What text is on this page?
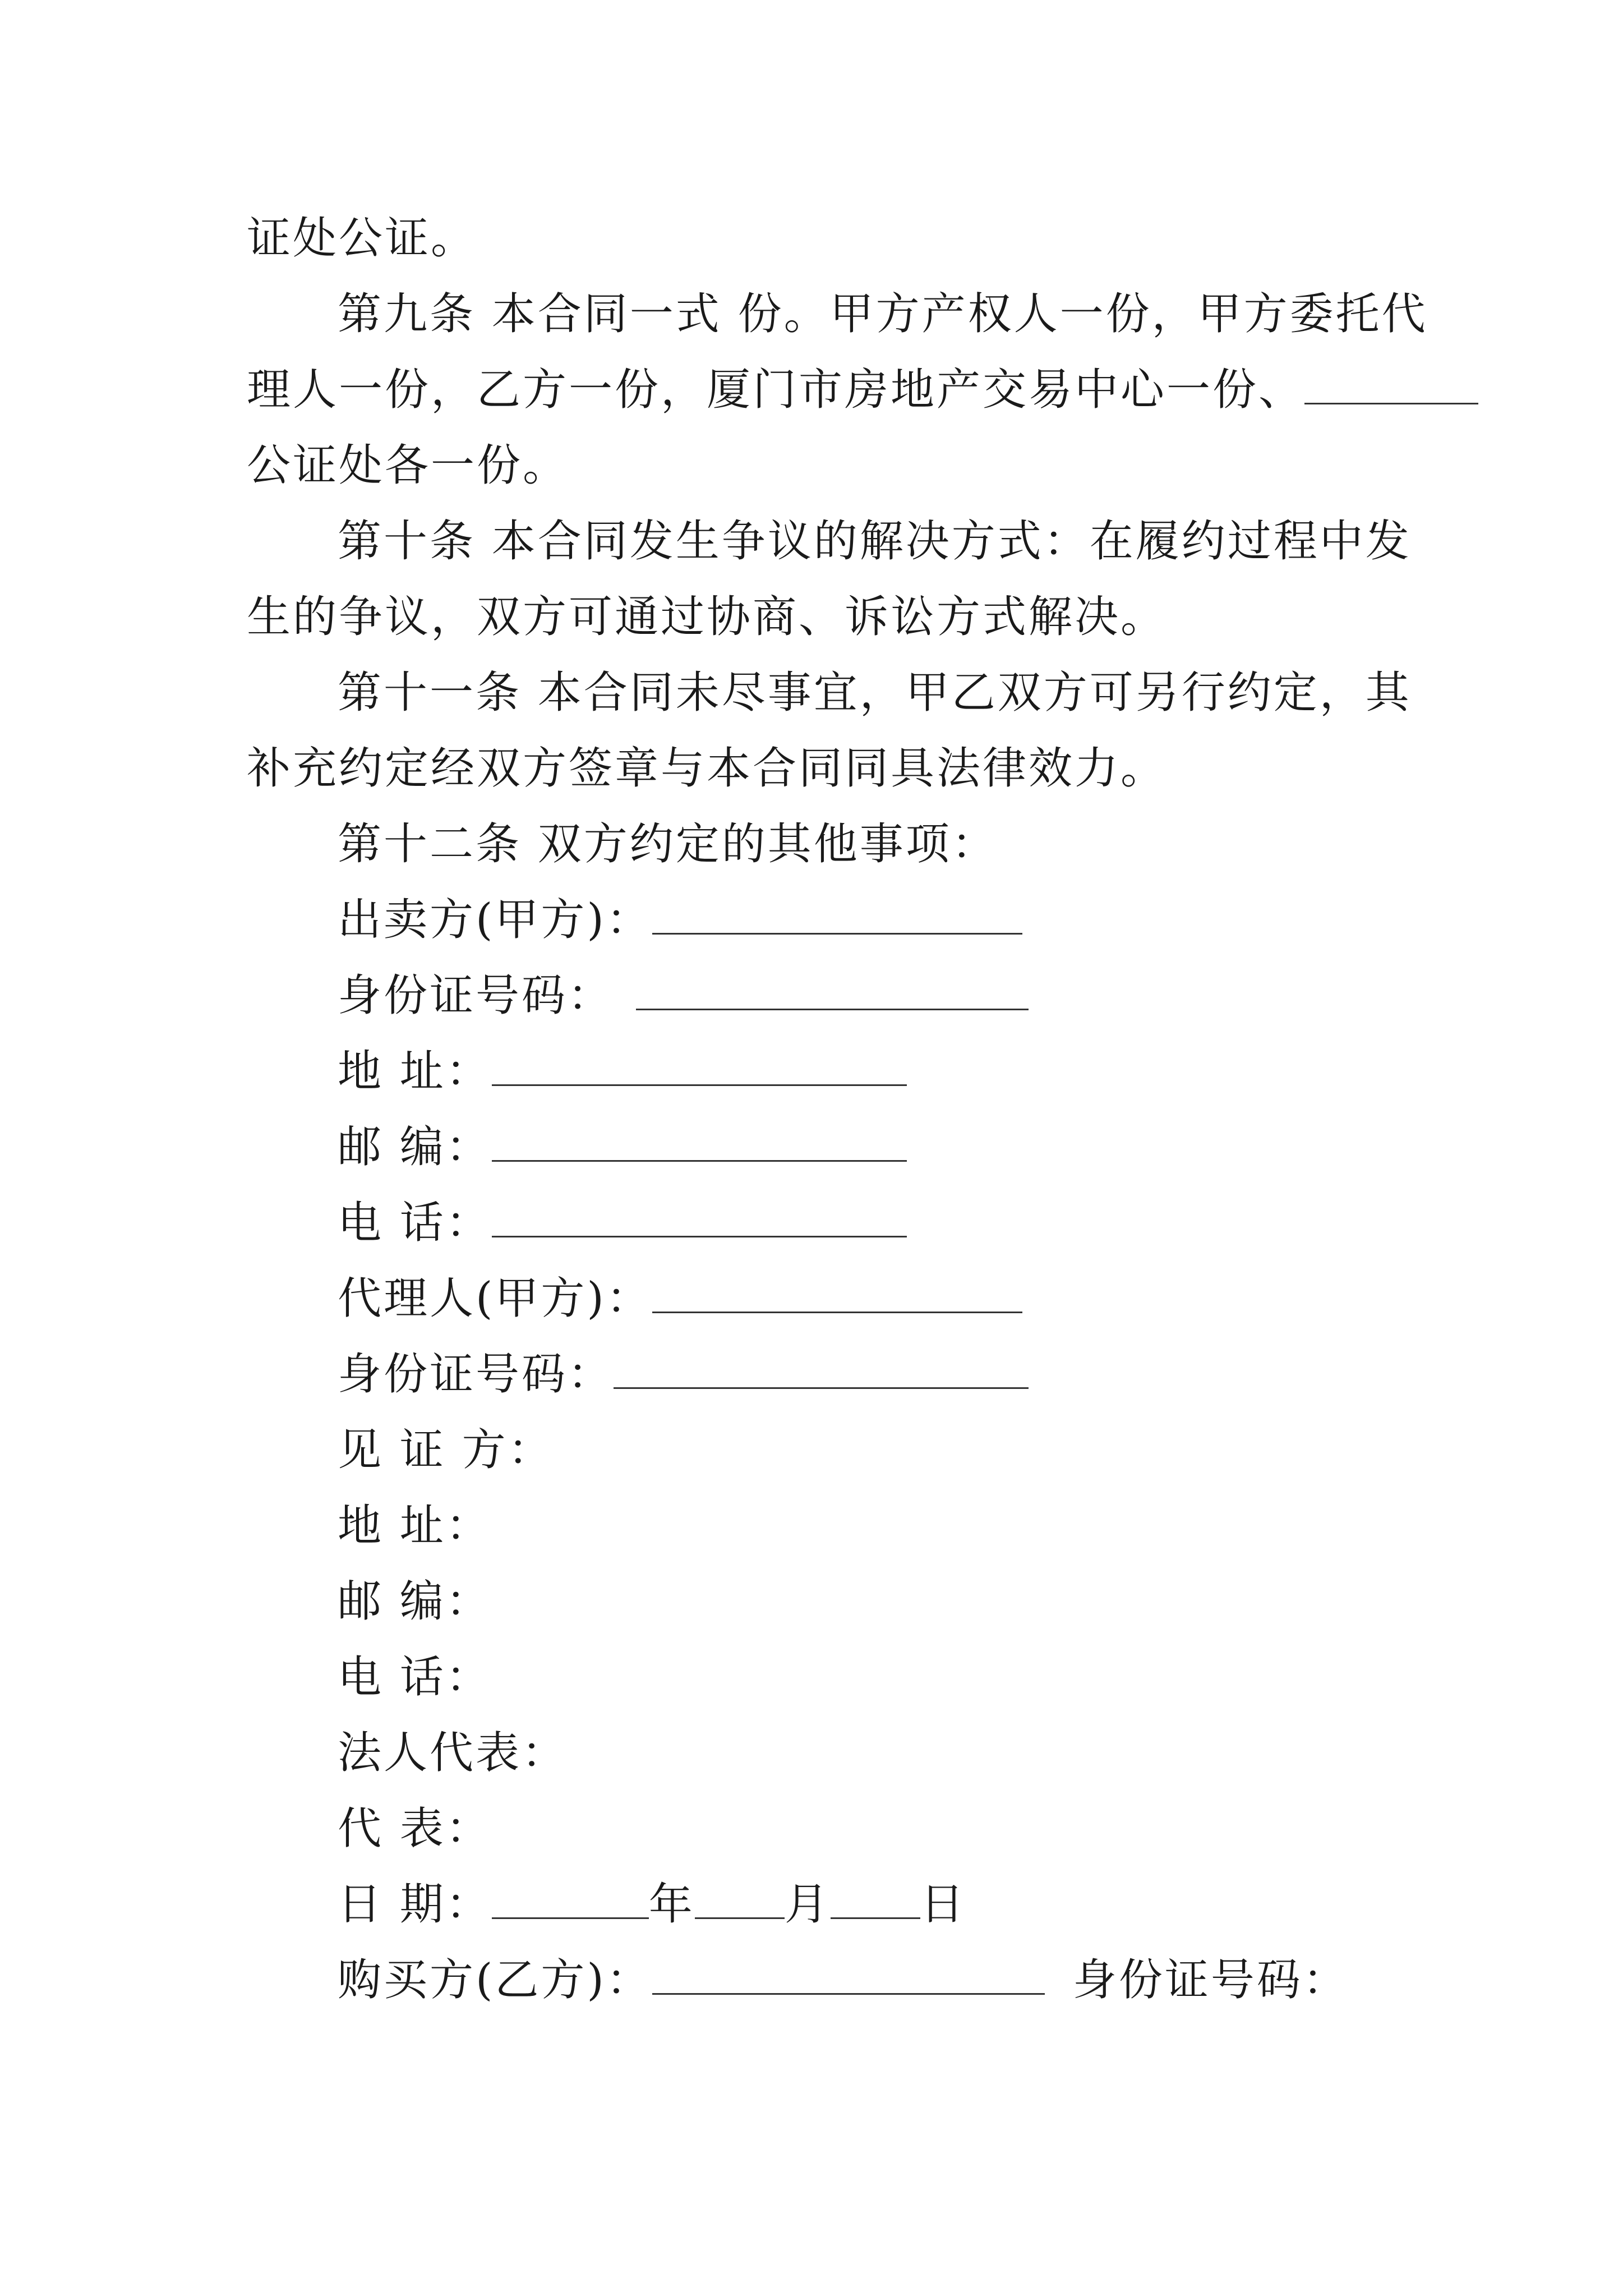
证处公证。
第九条 本合同一式 份。甲方产权人一份，甲方委托代
理人一份，乙方一份，厦门市房地产交易中心一份、
公证处各一份。
第十条 本合同发生争议的解决方式：在履约过程中发
生的争议，双方可通过协商、诉讼方式解决。
第十一条 本合同未尽事宜，甲乙双方可另行约定，其
补充约定经双方签章与本合同同具法律效力。
第十二条 双方约定的其他事项：
出卖方(甲方)：
身份证号码：
地 址：
邮 编：
电 话：
代理人(甲方)：
身份证号码：
见 证 方：
地 址：
邮 编：
电 话：
法人代表：
代 表：
日 期：	年 月 日
购买方(乙方)：	身份证号码：
